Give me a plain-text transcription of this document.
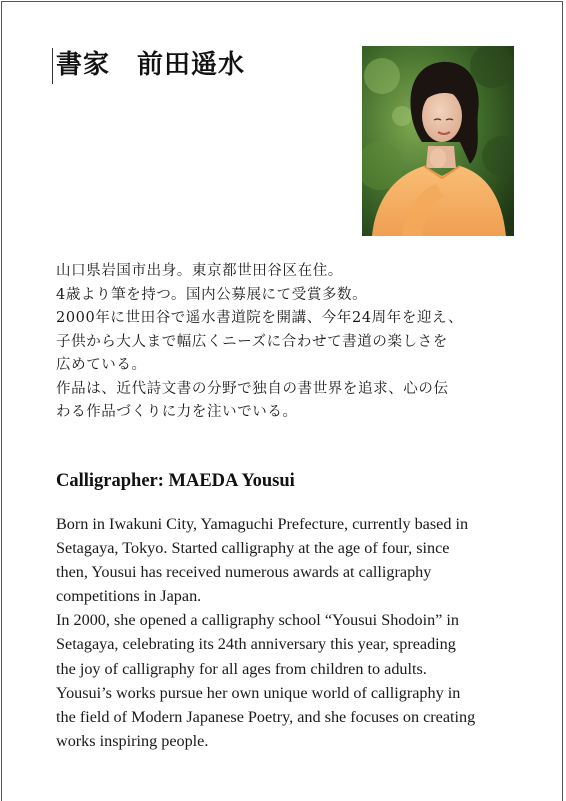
書家　前田遥水
山口県岩国市出身。東京都世田谷区在住。
4歳より筆を持つ。国内公募展にて受賞多数。
2000年に世田谷で遥水書道院を開講、今年24周年を迎え、
子供から大人まで幅広くニーズに合わせて書道の楽しさを
広めている。
作品は、近代詩文書の分野で独自の書世界を追求、心の伝
わる作品づくりに力を注いでいる。
Calligrapher: MAEDA Yousui
Born in Iwakuni City, Yamaguchi Prefecture, currently based in
Setagaya, Tokyo. Started calligraphy at the age of four, since
then, Yousui has received numerous awards at calligraphy
competitions in Japan.
In 2000, she opened a calligraphy school “Yousui Shodoin” in
Setagaya, celebrating its 24th anniversary this year, spreading
the joy of calligraphy for all ages from children to adults.
Yousui’s works pursue her own unique world of calligraphy in
the field of Modern Japanese Poetry, and she focuses on creating
works inspiring people.
